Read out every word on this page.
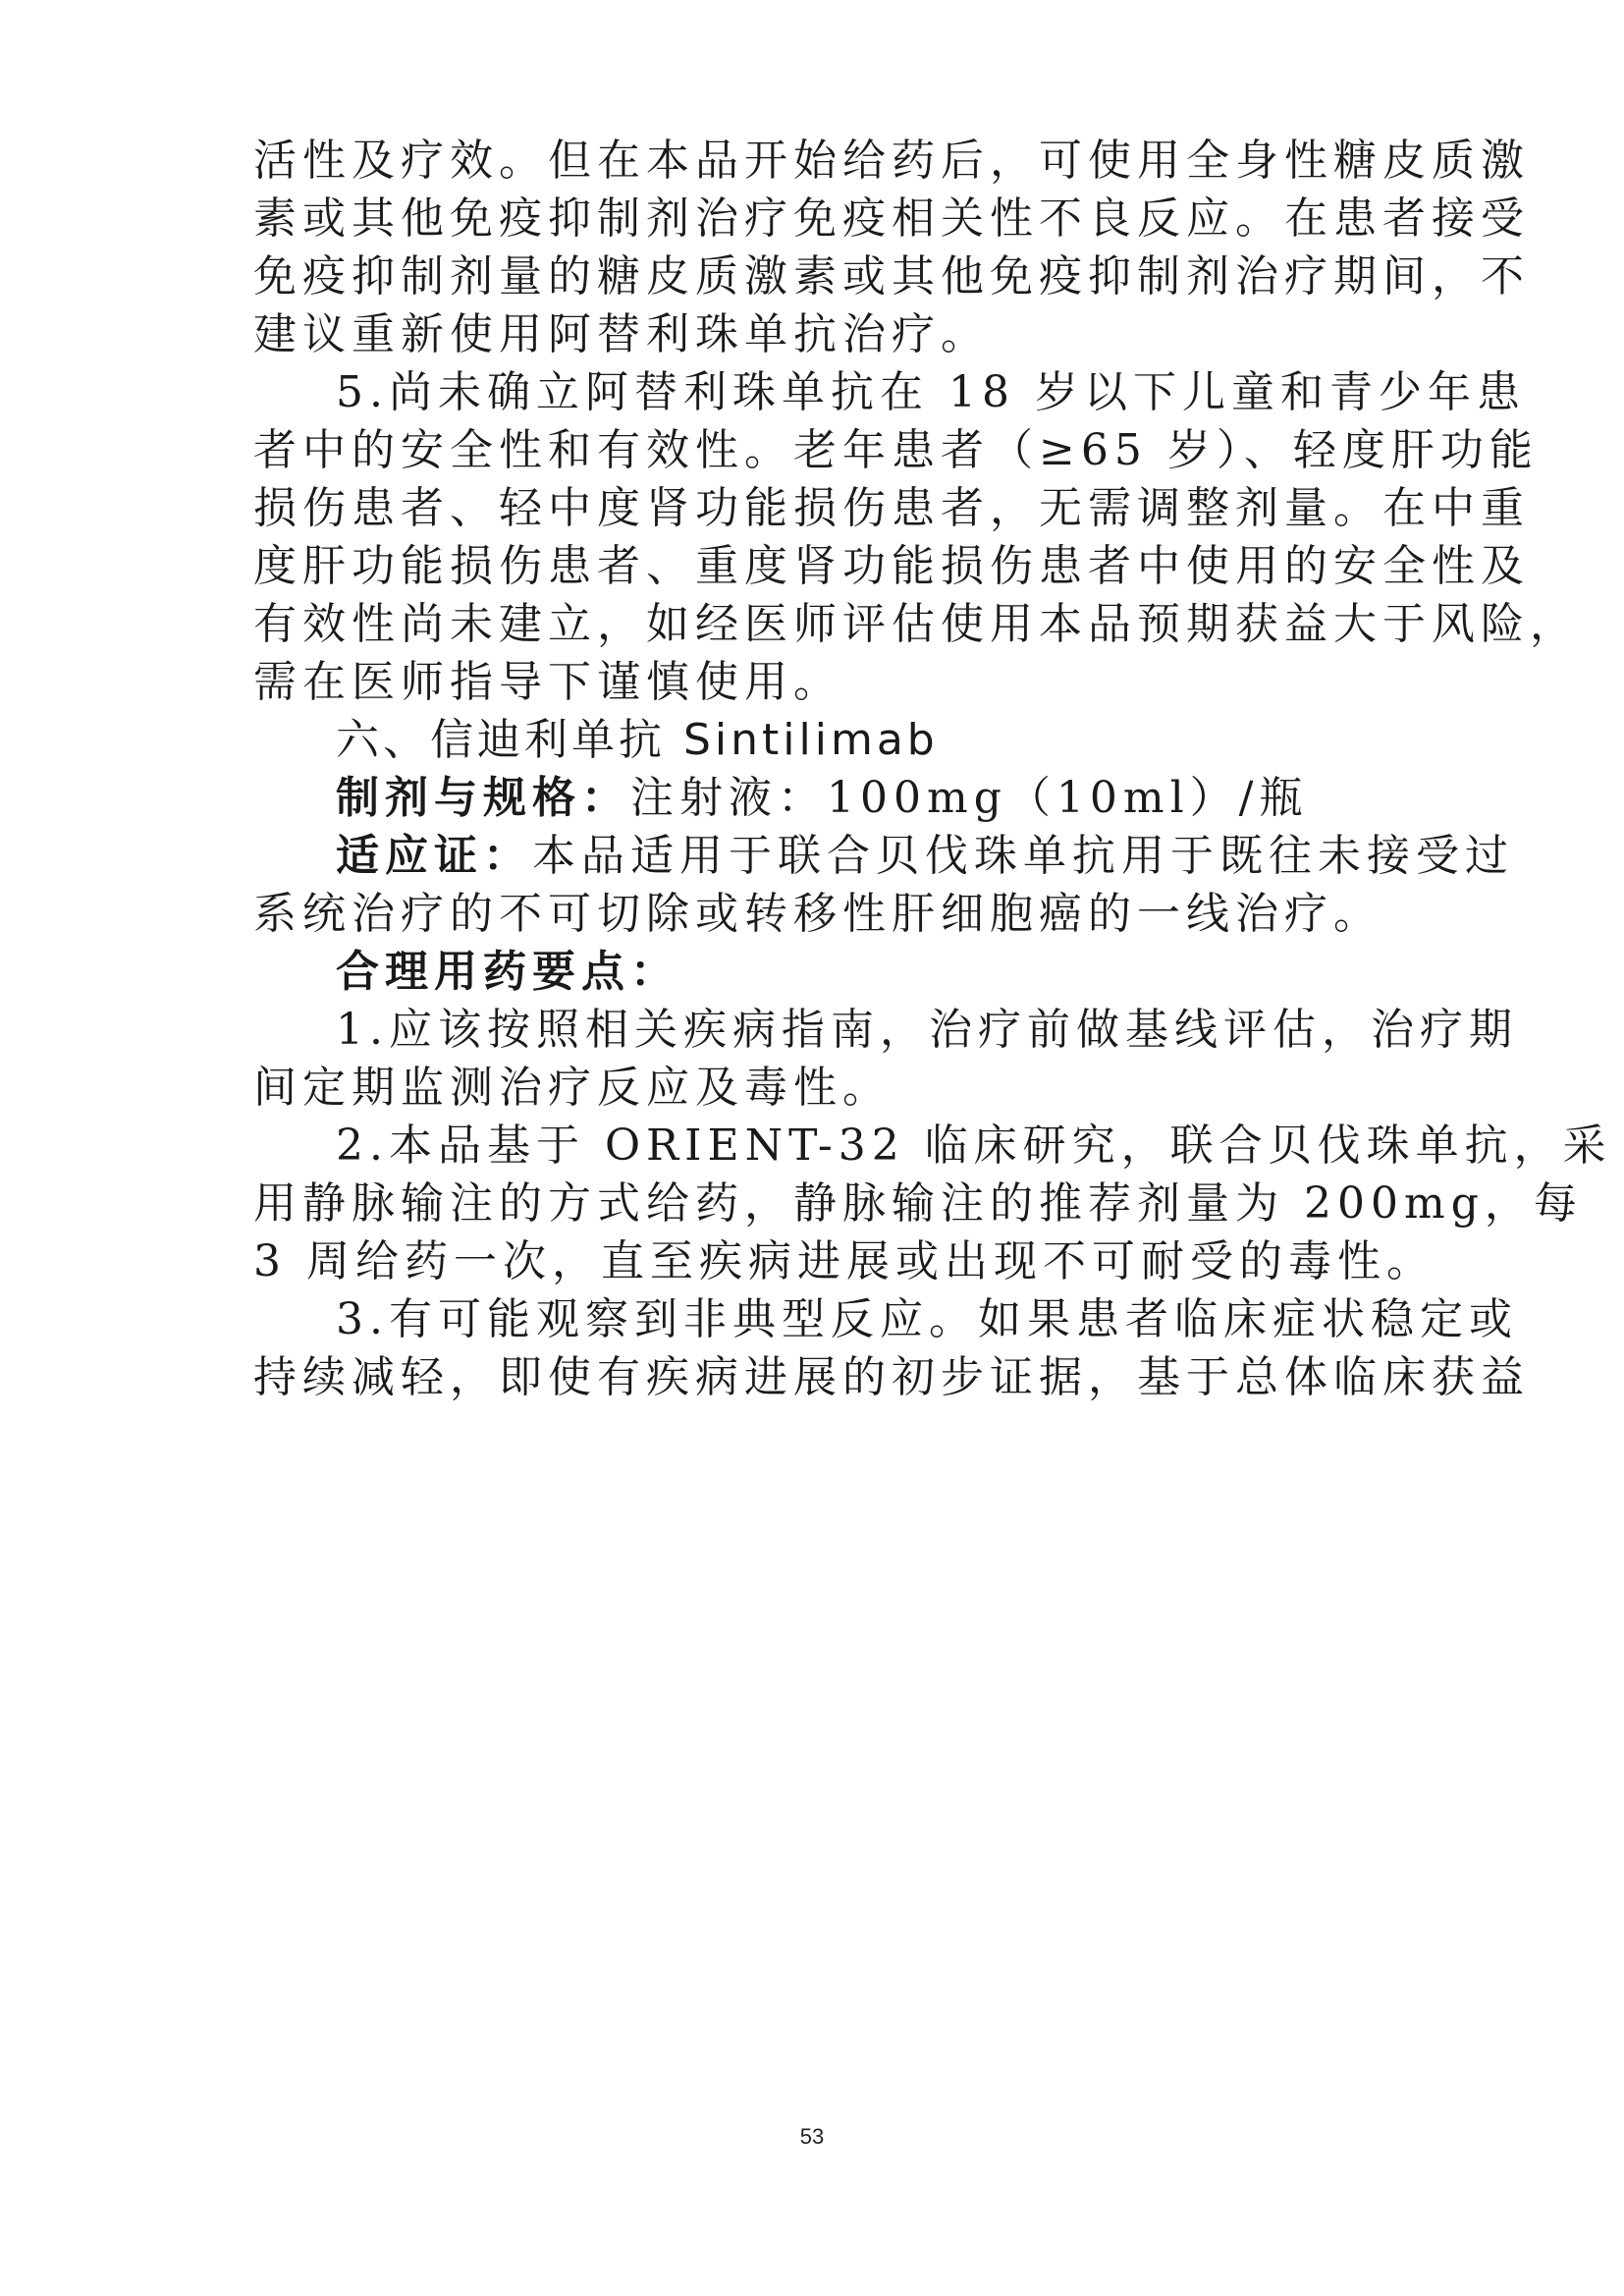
活性及疗效。但在本品开始给药后，可使用全身性糖皮质激
素或其他免疫抑制剂治疗免疫相关性不良反应。在患者接受
免疫抑制剂量的糖皮质激素或其他免疫抑制剂治疗期间，不
建议重新使用阿替利珠单抗治疗。
5.尚未确立阿替利珠单抗在 18 岁以下儿童和青少年患
者中的安全性和有效性。老年患者（≥65 岁）、轻度肝功能
损伤患者、轻中度肾功能损伤患者，无需调整剂量。在中重
度肝功能损伤患者、重度肾功能损伤患者中使用的安全性及
有效性尚未建立，如经医师评估使用本品预期获益大于风险，
需在医师指导下谨慎使用。
六、信迪利单抗 Sintilimab
制剂与规格：注射液：100mg（10ml）/瓶
适应证：本品适用于联合贝伐珠单抗用于既往未接受过
系统治疗的不可切除或转移性肝细胞癌的一线治疗。
合理用药要点：
1.应该按照相关疾病指南，治疗前做基线评估，治疗期
间定期监测治疗反应及毒性。
2.本品基于 ORIENT-32 临床研究，联合贝伐珠单抗，采
用静脉输注的方式给药，静脉输注的推荐剂量为 200mg，每
3 周给药一次，直至疾病进展或出现不可耐受的毒性。
3.有可能观察到非典型反应。如果患者临床症状稳定或
持续减轻，即使有疾病进展的初步证据，基于总体临床获益
53
